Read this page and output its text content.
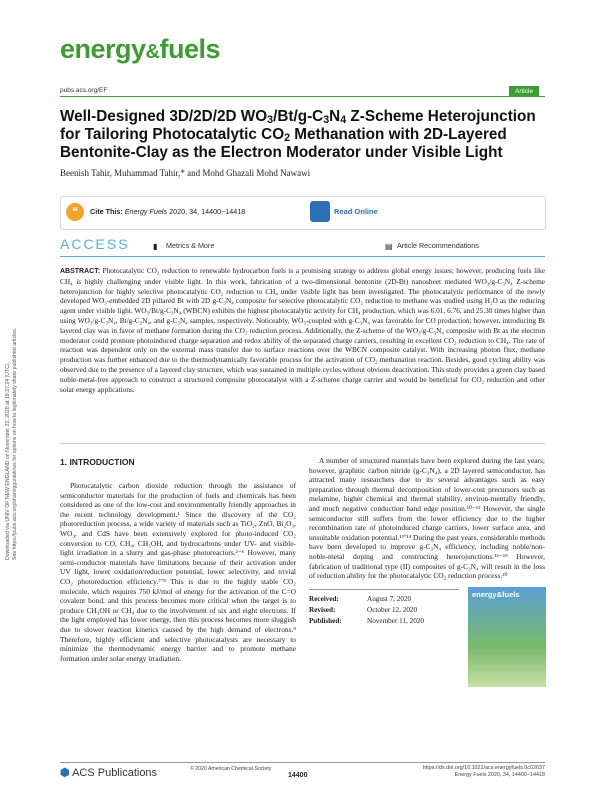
Downloaded via UNIV OF NEW ENGLAND on November 23, 2020 at 19:27:24 (UTC). See https://pubs.acs.org/sharingguidelines for options on how to legitimately share published articles.
energy&fuels
pubs.acs.org/EF	Article
Well-Designed 3D/2D/2D $WO_3/Bt/g-C_3N_4$ Z-Scheme Heterojunction
for Tailoring Photocatalytic $CO_2$ Methanation with 2D-Layered
Bentonite-Clay as the Electron Moderator under Visible Light
Beenish Tahir, Muhammad Tahir,* and Mohd Ghazali Mohd Nawawi
❝	Cite This: Energy Fuels 2020, 34, 14400−14418	Read Online
ACCESS	▮ Metrics & More	▤ Article Recommendations
ABSTRACT: Photocatalytic CO₂ reduction to renewable hydrocarbon fuels is a promising strategy to address global energy issues; however, producing fuels like CH₄ is highly challenging under visible light. In this work, fabrication of a two-dimensional bentonite (2D-Bt) nanosheet mediated WO₃/g-C₃N₄ Z-scheme heterojunction for highly selective photocatalytic CO₂ reduction to CH₄ under visible light has been investigated. The photocatalytic performance of the newly developed WO₃-embedded 2D pillared Bt with 2D g-C₃N₄ composite for selective photocatalytic CO₂ reduction to methane was studied using H₂O as the reducing agent under visible light. WO₃/Bt/g-C₃N₄ (WBCN) exhibits the highest photocatalytic activity for CH₄ production, which was 6.01, 6.76, and 25.30 times higher than using WO₃/g-C₃N₄, Bt/g-C₃N₄, and g-C₃N₄ samples, respectively. Noticeably, WO₃-coupled with g-C₃N₄ was favorable for CO production; however, introducing Bt layered clay was in favor of methane formation during the CO₂ reduction process. Additionally, the Z-scheme of the WO₃/g-C₃N₄ composite with Bt as the electron moderator could promote photoinduced charge separation and redox ability of the separated charge carriers, resulting in excellent CO₂ reduction to CH₄. The rate of reaction was dependent only on the external mass transfer due to surface reactions over the WBCN composite catalyst. With increasing photon flux, methane production was further enhanced due to the thermodynamically favorable process for the activation of CO₂ methanation reaction. Besides, good cycling ability was observed due to the presence of a layered clay structure, which was sustained in multiple cycles without obvious deactivation. This study provides a green clay based noble-metal-free approach to construct a structured composite photocatalyst with a Z-scheme charge carrier and would be beneficial for CO₂ reduction and other solar energy applications.
1. INTRODUCTION

Photocatalytic carbon dioxide reduction through the assistance of semiconductor materials for the production of fuels and chemicals has been considered as one of the low-cost and environmentally friendly approaches in the recent technology development.¹ Since the discovery of the CO₂ photoreduction process, a wide variety of materials such as TiO₂, ZnO, Bi₂O₃, WO₃, and CdS have been extensively explored for photo-induced CO₂ conversion to CO, CH₄, CH₃OH, and hydrocarbons under UV- and visible-light irradiation in a slurry and gas-phase photoreactors.²⁻⁶ However, many semi-conductor materials have limitations because of their activation under UV light, lower oxidation/reduction potential, lower selectivity, and trivial CO₂ photoreduction efficiency.⁷ʼ⁸ This is due to the highly stable CO₂ molecule, which requires 750 kJ/mol of energy for the activation of the C=O covalent bond, and this process becomes more critical when the target is to produce CH₃OH or CH₄ due to the involvement of six and eight electrons. If the light employed has lower energy, then this process becomes more sluggish due to slower reaction kinetics caused by the high demand of electrons.⁹ Therefore, highly efficient and selective photocatalysts are necessary to minimize the thermodynamic energy barrier and to promote methane formation under solar energy irradiation.

A number of structured materials have been explored during the last years; however, graphitic carbon nitride (g-C₃N₄), a 2D layered semiconductor, has attracted many researchers due to its several advantages such as easy preparation through thermal decomposition of lower-cost precursors such as melamine, higher chemical and thermal stability, environ-mentally friendly, and much negative conduction band edge position.¹⁰⁻¹² However, the single semiconductor still suffers from the lower efficiency due to the higher recombination rate of photoinduced charge carriers, lower surface area, and unsuitable oxidation potential.¹³ʼ¹⁴ During the past years, considerable methods have been developed to improve g-C₃N₄ efficiency, including noble/non-noble-metal doping and constructing heterojunctions.¹⁵⁻¹⁹ However, fabrication of traditional type (II) composites of g-C₃N₄ will result in the loss of reduction ability for the photocatalytic CO₂ reduction process.²⁰

Received:	August 7, 2020
Revised:	October 12, 2020
Published:	November 11, 2020
energy&fuels
⬢ ACS Publications	© 2020 American Chemical Society
14400
https://dx.doi.org/10.1021/acs.energyfuels.0c02637
Energy Fuels 2020, 34, 14400−14418
